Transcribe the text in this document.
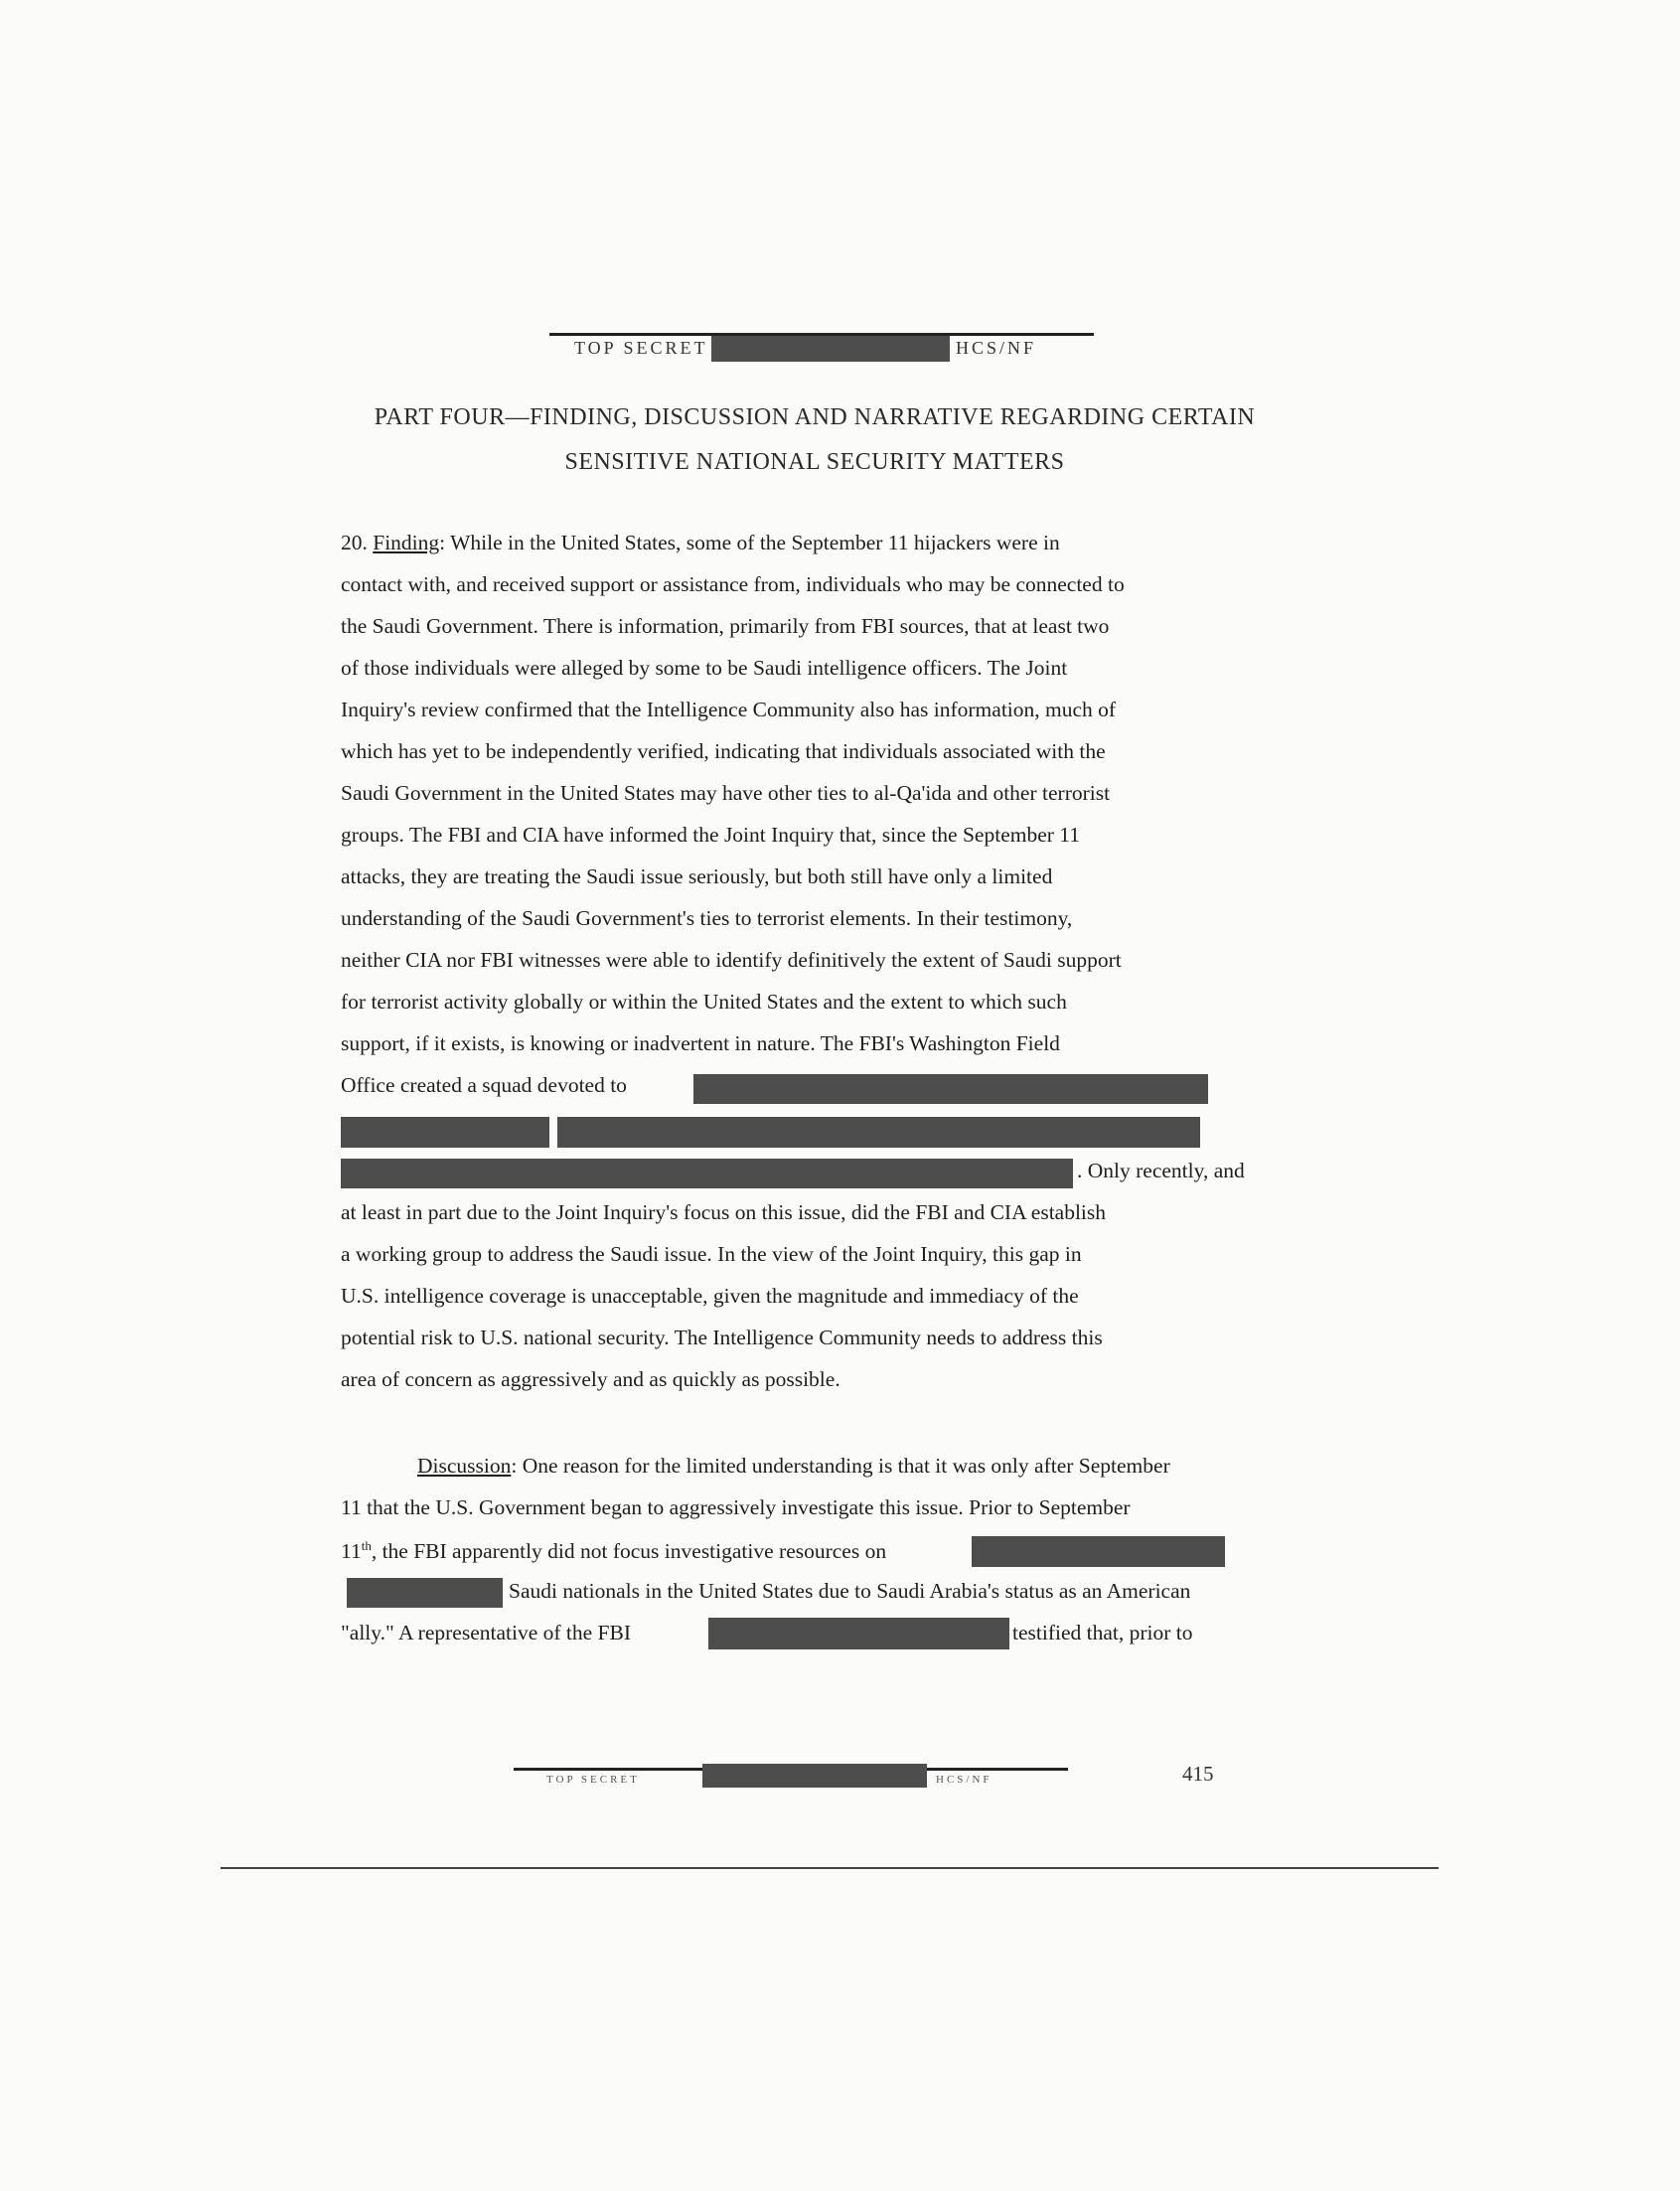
TOP SECRET	HCS/NF
PART FOUR—FINDING, DISCUSSION AND NARRATIVE REGARDING CERTAIN
SENSITIVE NATIONAL SECURITY MATTERS
20. Finding: While in the United States, some of the September 11 hijackers were in
contact with, and received support or assistance from, individuals who may be connected to
the Saudi Government. There is information, primarily from FBI sources, that at least two
of those individuals were alleged by some to be Saudi intelligence officers. The Joint
Inquiry's review confirmed that the Intelligence Community also has information, much of
which has yet to be independently verified, indicating that individuals associated with the
Saudi Government in the United States may have other ties to al-Qa'ida and other terrorist
groups. The FBI and CIA have informed the Joint Inquiry that, since the September 11
attacks, they are treating the Saudi issue seriously, but both still have only a limited
understanding of the Saudi Government's ties to terrorist elements. In their testimony,
neither CIA nor FBI witnesses were able to identify definitively the extent of Saudi support
for terrorist activity globally or within the United States and the extent to which such
support, if it exists, is knowing or inadvertent in nature. The FBI's Washington Field
Office created a squad devoted to
. Only recently, and
at least in part due to the Joint Inquiry's focus on this issue, did the FBI and CIA establish
a working group to address the Saudi issue. In the view of the Joint Inquiry, this gap in
U.S. intelligence coverage is unacceptable, given the magnitude and immediacy of the
potential risk to U.S. national security. The Intelligence Community needs to address this
area of concern as aggressively and as quickly as possible.
Discussion: One reason for the limited understanding is that it was only after September
11 that the U.S. Government began to aggressively investigate this issue. Prior to September
11th, the FBI apparently did not focus investigative resources on
Saudi nationals in the United States due to Saudi Arabia's status as an American
"ally." A representative of the FBI	testified that, prior to
TOP SECRET	HCS/NF	415
